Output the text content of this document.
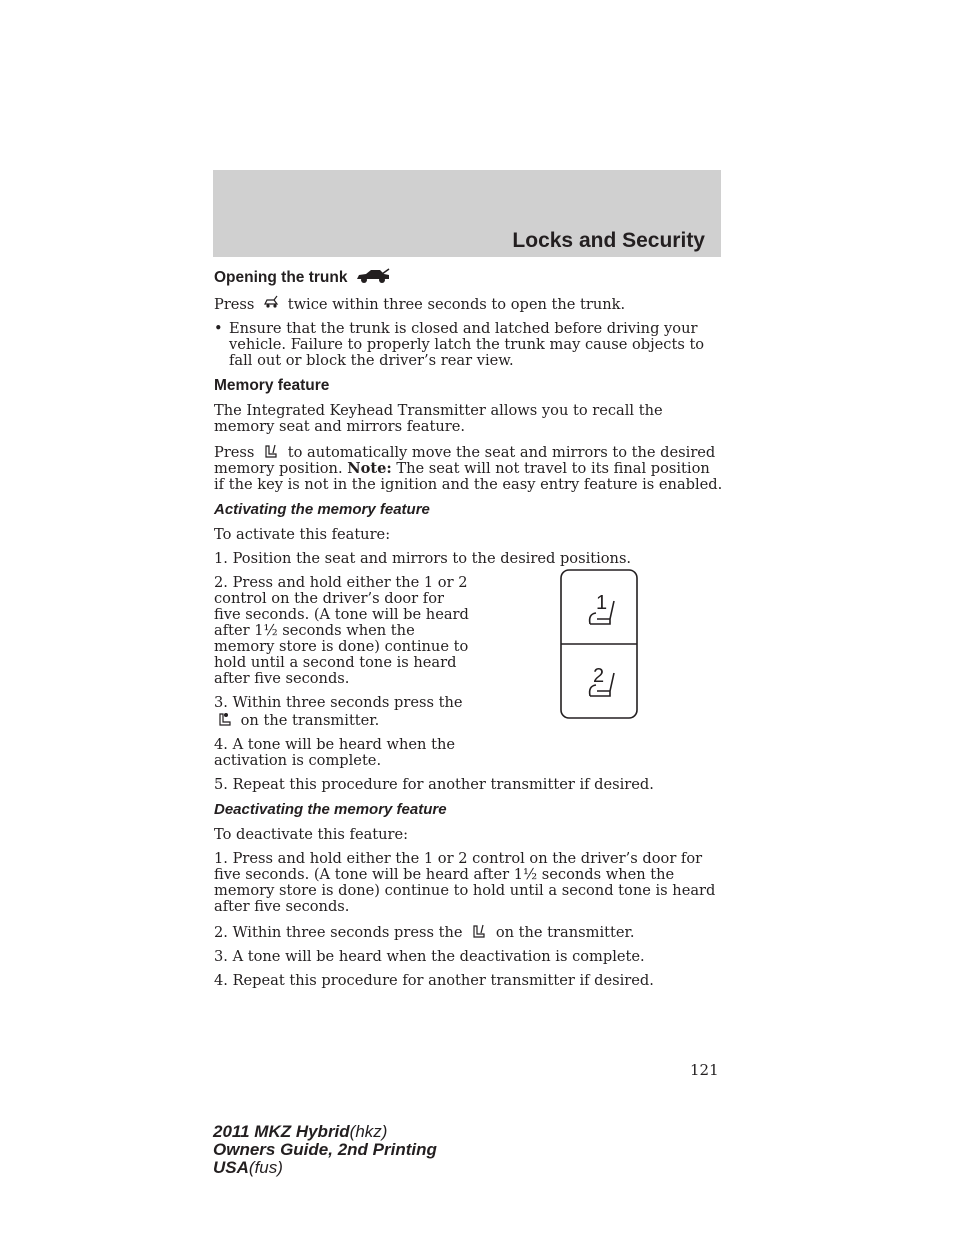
Locks and Security
Opening the trunk

Press twice within three seconds to open the trunk.

• Ensure that the trunk is closed and latched before driving your vehicle. Failure to properly latch the trunk may cause objects to fall out or block the driver’s rear view.
Memory feature

The Integrated Keyhead Transmitter allows you to recall the memory seat and mirrors feature.

Press to automatically move the seat and mirrors to the desired memory position. Note: The seat will not travel to its final position if the key is not in the ignition and the easy entry feature is enabled.

Activating the memory feature

To activate this feature:

1. Position the seat and mirrors to the desired positions.

2. Press and hold either the 1 or 2 control on the driver’s door for five seconds. (A tone will be heard after 1½ seconds when the memory store is done) continue to hold until a second tone is heard after five seconds.

3. Within three seconds press the  on the transmitter.

4. A tone will be heard when the activation is complete.

1
2

5. Repeat this procedure for another transmitter if desired.

Deactivating the memory feature

To deactivate this feature:

1. Press and hold either the 1 or 2 control on the driver’s door for five seconds. (A tone will be heard after 1½ seconds when the memory store is done) continue to hold until a second tone is heard after five seconds.

2. Within three seconds press the on the transmitter.

3. A tone will be heard when the deactivation is complete.

4. Repeat this procedure for another transmitter if desired.

121
2011 MKZ Hybrid(hkz)
Owners Guide, 2nd Printing
USA(fus)
